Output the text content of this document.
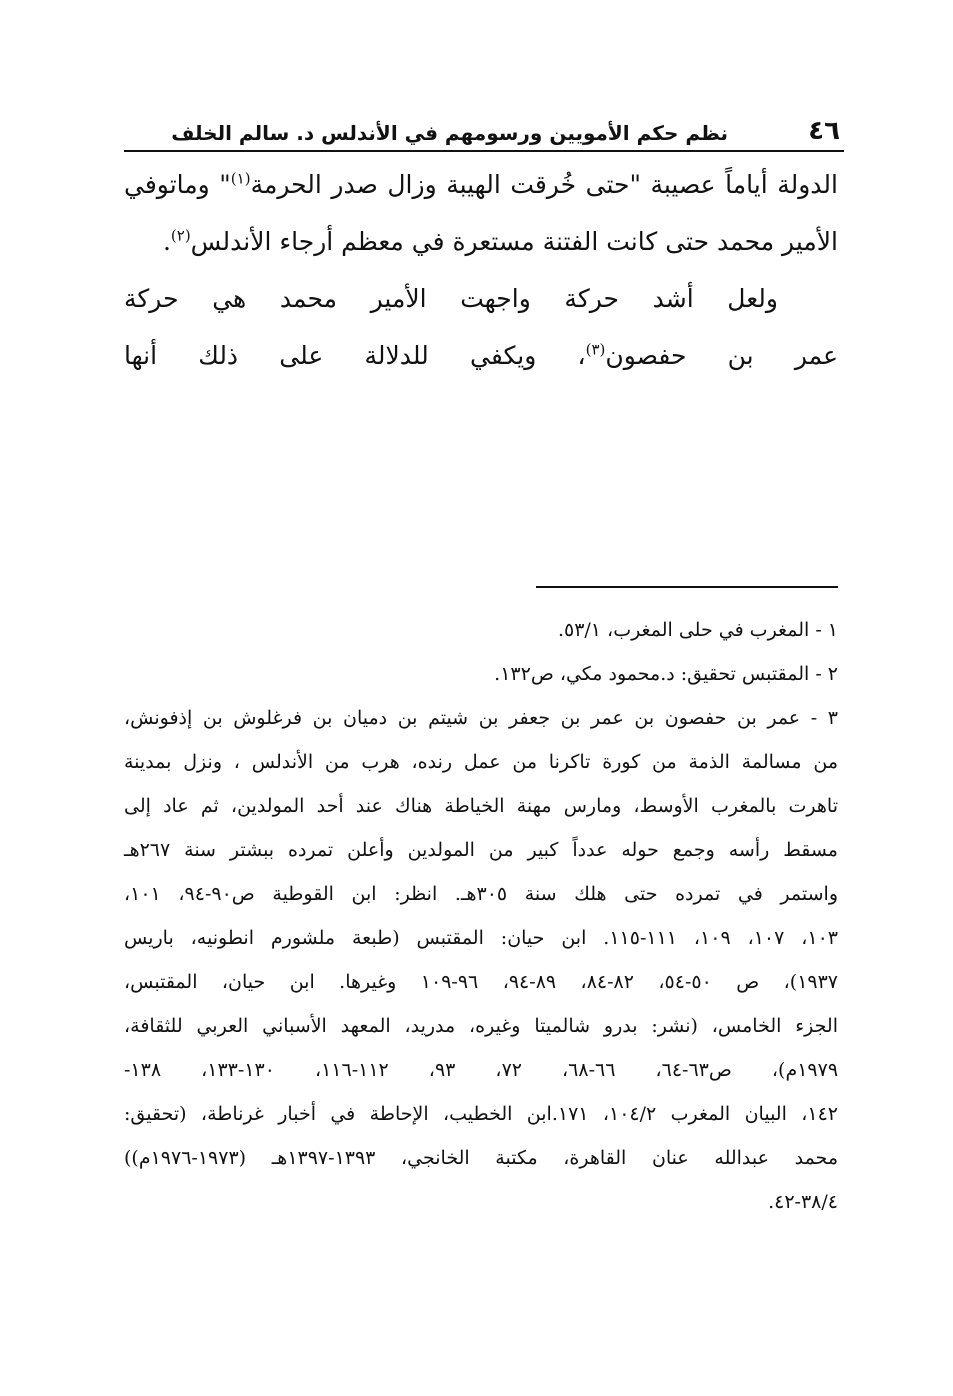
٤٦
نظم حكم الأمويين ورسومهم في الأندلس د. سالم الخلف
الدولة أياماً عصيبة "حتى خُرقت الهيبة وزال صدر الحرمة$^{(١)}$" وماتوفي
الأمير محمد حتى كانت الفتنة مستعرة في معظم أرجاء الأندلس$^{(٢)}$.
ولعل أشد حركة واجهت الأمير محمد هي حركة
عمر بن حفصون$^{(٣)}$، ويكفي للدلالة على ذلك أنها
١ - المغرب في حلى المغرب، ٥٣/١.
٢ - المقتبس تحقيق: د.محمود مكي، ص١٣٢.
٣ - عمر بن حفصون بن عمر بن جعفر بن شيتم بن دميان بن فرغلوش بن إذفونش،
من مسالمة الذمة من كورة تاكرنا من عمل رنده، هرب من الأندلس ، ونزل بمدينة
تاهرت بالمغرب الأوسط، ومارس مهنة الخياطة هناك عند أحد المولدين، ثم عاد إلى
مسقط رأسه وجمع حوله عدداً كبير من المولدين وأعلن تمرده ببشتر سنة ٢٦٧هـ
واستمر في تمرده حتى هلك سنة ٣٠٥هـ. انظر: ابن القوطية ص٩٠-٩٤، ١٠١،
١٠٣، ١٠٧، ١٠٩، ١١١-١١٥. ابن حيان: المقتبس (طبعة ملشورم انطونيه، باريس
١٩٣٧)، ص ٥٠-٥٤، ٨٢-٨٤، ٨٩-٩٤، ٩٦-١٠٩ وغيرها. ابن حيان، المقتبس،
الجزء الخامس، (نشر: بدرو شالميتا وغيره، مدريد، المعهد الأسباني العربي للثقافة،
١٩٧٩م)، ص٦٣-٦٤، ٦٦-٦٨، ٧٢، ٩٣، ١١٢-١١٦، ١٣٠-١٣٣، ١٣٨-
١٤٢، البيان المغرب ١٠٤/٢، ١٧١.ابن الخطيب، الإحاطة في أخبار غرناطة، (تحقيق:
محمد عبدالله عنان القاهرة، مكتبة الخانجي، ١٣٩٣-١٣٩٧هـ (١٩٧٣-١٩٧٦م))
٣٨/٤-٤٢.
